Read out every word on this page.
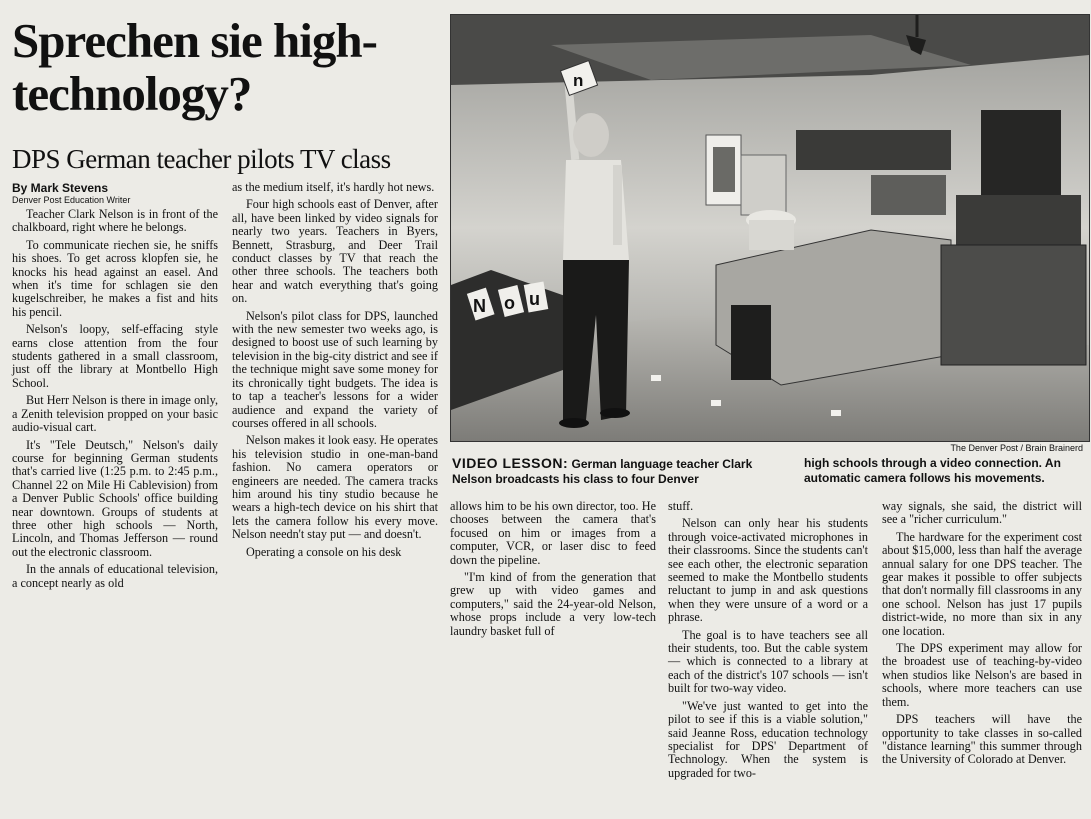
Sprechen sie high-technology?
DPS German teacher pilots TV class
By Mark Stevens
Denver Post Education Writer

Teacher Clark Nelson is in front of the chalkboard, right where he belongs.

To communicate riechen sie, he sniffs his shoes. To get across klopfen sie, he knocks his head against an easel. And when it's time for schlagen sie den kugelschreiber, he makes a fist and hits his pencil.

Nelson's loopy, self-effacing style earns close attention from the four students gathered in a small classroom, just off the library at Montbello High School.

But Herr Nelson is there in image only, a Zenith television propped on your basic audio-visual cart.

It's "Tele Deutsch," Nelson's daily course for beginning German students that's carried live (1:25 p.m. to 2:45 p.m., Channel 22 on Mile Hi Cablevision) from a Denver Public Schools' office building near downtown. Groups of students at three other high schools — North, Lincoln, and Thomas Jefferson — round out the electronic classroom.

In the annals of educational television, a concept nearly as old

as the medium itself, it's hardly hot news.

Four high schools east of Denver, after all, have been linked by video signals for nearly two years. Teachers in Byers, Bennett, Strasburg, and Deer Trail conduct classes by TV that reach the other three schools. The teachers both hear and watch everything that's going on.

Nelson's pilot class for DPS, launched with the new semester two weeks ago, is designed to boost use of such learning by television in the big-city district and see if the technique might save some money for its chronically tight budgets. The idea is to tap a teacher's lessons for a wider audience and expand the variety of courses offered in all schools.

Nelson makes it look easy. He operates his television studio in one-man-band fashion. No camera operators or engineers are needed. The camera tracks him around his tiny studio because he wears a high-tech device on his shirt that lets the camera follow his every move. Nelson needn't stay put — and doesn't.

Operating a console on his desk

N o u
n
The Denver Post / Brain Brainerd
VIDEO LESSON: German language teacher Clark Nelson broadcasts his class to four Denver
high schools through a video connection. An automatic camera follows his movements.

allows him to be his own director, too. He chooses between the camera that's focused on him or images from a computer, VCR, or laser disc to feed down the pipeline.

"I'm kind of from the generation that grew up with video games and computers," said the 24-year-old Nelson, whose props include a very low-tech laundry basket full of

stuff.

Nelson can only hear his students through voice-activated microphones in their classrooms. Since the students can't see each other, the electronic separation seemed to make the Montbello students reluctant to jump in and ask questions when they were unsure of a word or a phrase.

The goal is to have teachers see all their students, too. But the cable system — which is connected to a library at each of the district's 107 schools — isn't built for two-way video.

"We've just wanted to get into the pilot to see if this is a viable solution," said Jeanne Ross, education technology specialist for DPS' Department of Technology. When the system is upgraded for two-

way signals, she said, the district will see a "richer curriculum."

The hardware for the experiment cost about $15,000, less than half the average annual salary for one DPS teacher. The gear makes it possible to offer subjects that don't normally fill classrooms in any one school. Nelson has just 17 pupils district-wide, no more than six in any one location.

The DPS experiment may allow for the broadest use of teaching-by-video when studios like Nelson's are based in schools, where more teachers can use them.

DPS teachers will have the opportunity to take classes in so-called "distance learning" this summer through the University of Colorado at Denver.
